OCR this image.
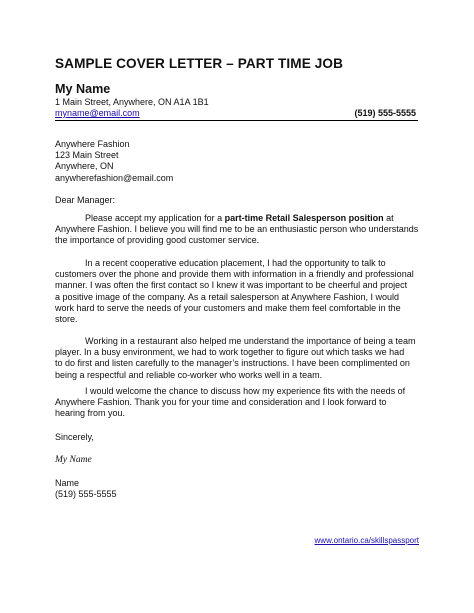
SAMPLE COVER LETTER – PART TIME JOB
My Name
1 Main Street, Anywhere, ON A1A 1B1
myname@email.com	(519) 555-5555
Anywhere Fashion
123 Main Street
Anywhere, ON
anywherefashion@email.com
Dear Manager:
Please accept my application for a part-time Retail Salesperson position at
Anywhere Fashion. I believe you will find me to be an enthusiastic person who understands
the importance of providing good customer service.
In a recent cooperative education placement, I had the opportunity to talk to
customers over the phone and provide them with information in a friendly and professional
manner. I was often the first contact so I knew it was important to be cheerful and project
a positive image of the company. As a retail salesperson at Anywhere Fashion, I would
work hard to serve the needs of your customers and make them feel comfortable in the
store.
Working in a restaurant also helped me understand the importance of being a team
player. In a busy environment, we had to work together to figure out which tasks we had
to do first and listen carefully to the manager’s instructions. I have been complimented on
being a respectful and reliable co-worker who works well in a team.
I would welcome the chance to discuss how my experience fits with the needs of
Anywhere Fashion. Thank you for your time and consideration and I look forward to
hearing from you.
Sincerely,
My Name
Name
(519) 555-5555
www.ontario.ca/skillspassport
